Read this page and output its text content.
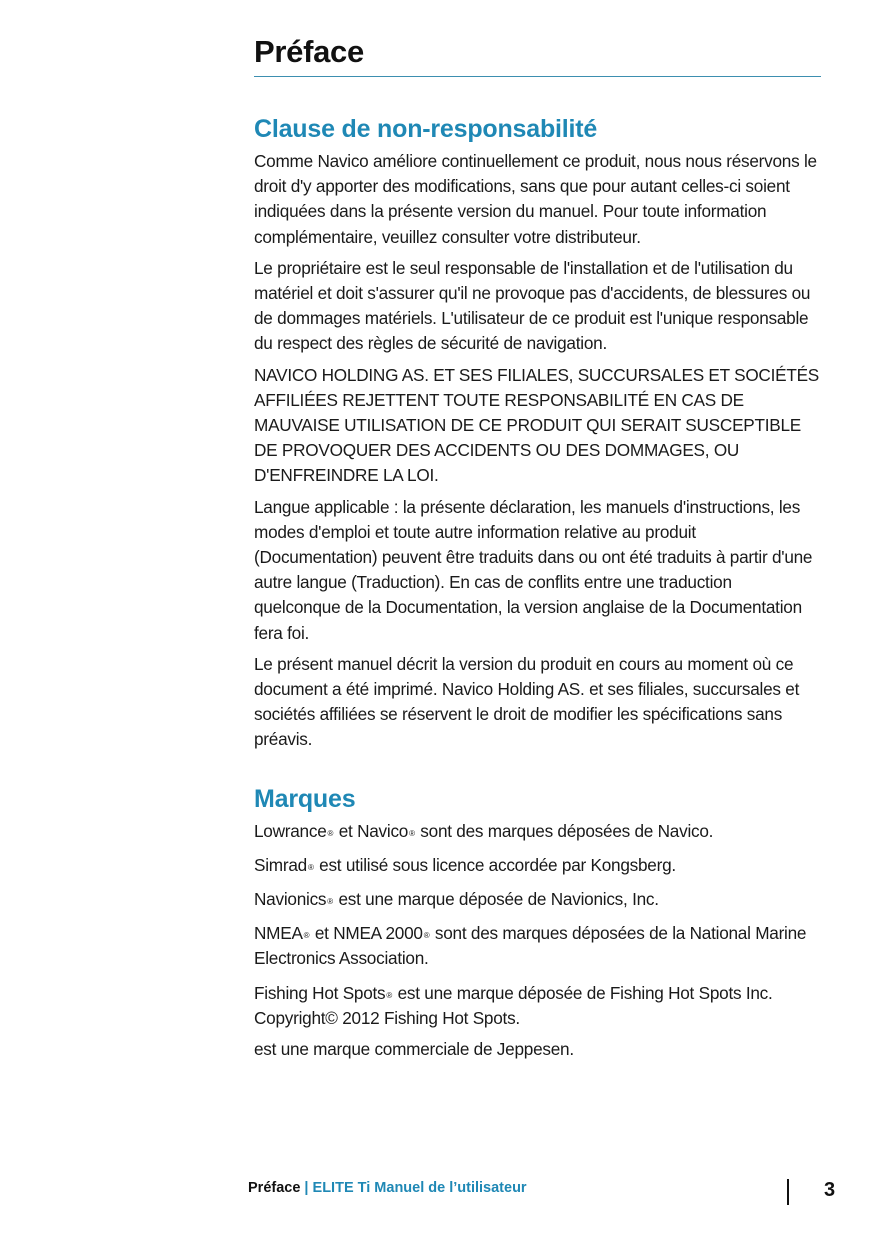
Préface
Clause de non-responsabilité

Comme Navico améliore continuellement ce produit, nous nous réservons le droit d'y apporter des modifications, sans que pour autant celles-ci soient indiquées dans la présente version du manuel. Pour toute information complémentaire, veuillez consulter votre distributeur.

Le propriétaire est le seul responsable de l'installation et de l'utilisation du matériel et doit s'assurer qu'il ne provoque pas d'accidents, de blessures ou de dommages matériels. L'utilisateur de ce produit est l'unique responsable du respect des règles de sécurité de navigation.

NAVICO HOLDING AS. ET SES FILIALES, SUCCURSALES ET SOCIÉTÉS AFFILIÉES REJETTENT TOUTE RESPONSABILITÉ EN CAS DE MAUVAISE UTILISATION DE CE PRODUIT QUI SERAIT SUSCEPTIBLE DE PROVOQUER DES ACCIDENTS OU DES DOMMAGES, OU D'ENFREINDRE LA LOI.

Langue applicable : la présente déclaration, les manuels d'instructions, les modes d'emploi et toute autre information relative au produit (Documentation) peuvent être traduits dans ou ont été traduits à partir d'une autre langue (Traduction). En cas de conflits entre une traduction quelconque de la Documentation, la version anglaise de la Documentation fera foi.

Le présent manuel décrit la version du produit en cours au moment où ce document a été imprimé. Navico Holding AS. et ses filiales, succursales et sociétés affiliées se réservent le droit de modifier les spécifications sans préavis.

Marques

Lowrance® et Navico® sont des marques déposées de Navico.

Simrad® est utilisé sous licence accordée par Kongsberg.

Navionics® est une marque déposée de Navionics, Inc.

NMEA® et NMEA 2000® sont des marques déposées de la National Marine Electronics Association.

Fishing Hot Spots® est une marque déposée de Fishing Hot Spots Inc. Copyright© 2012 Fishing Hot Spots.

est une marque commerciale de Jeppesen.

Préface | ELITE Ti Manuel de l’utilisateur	3
